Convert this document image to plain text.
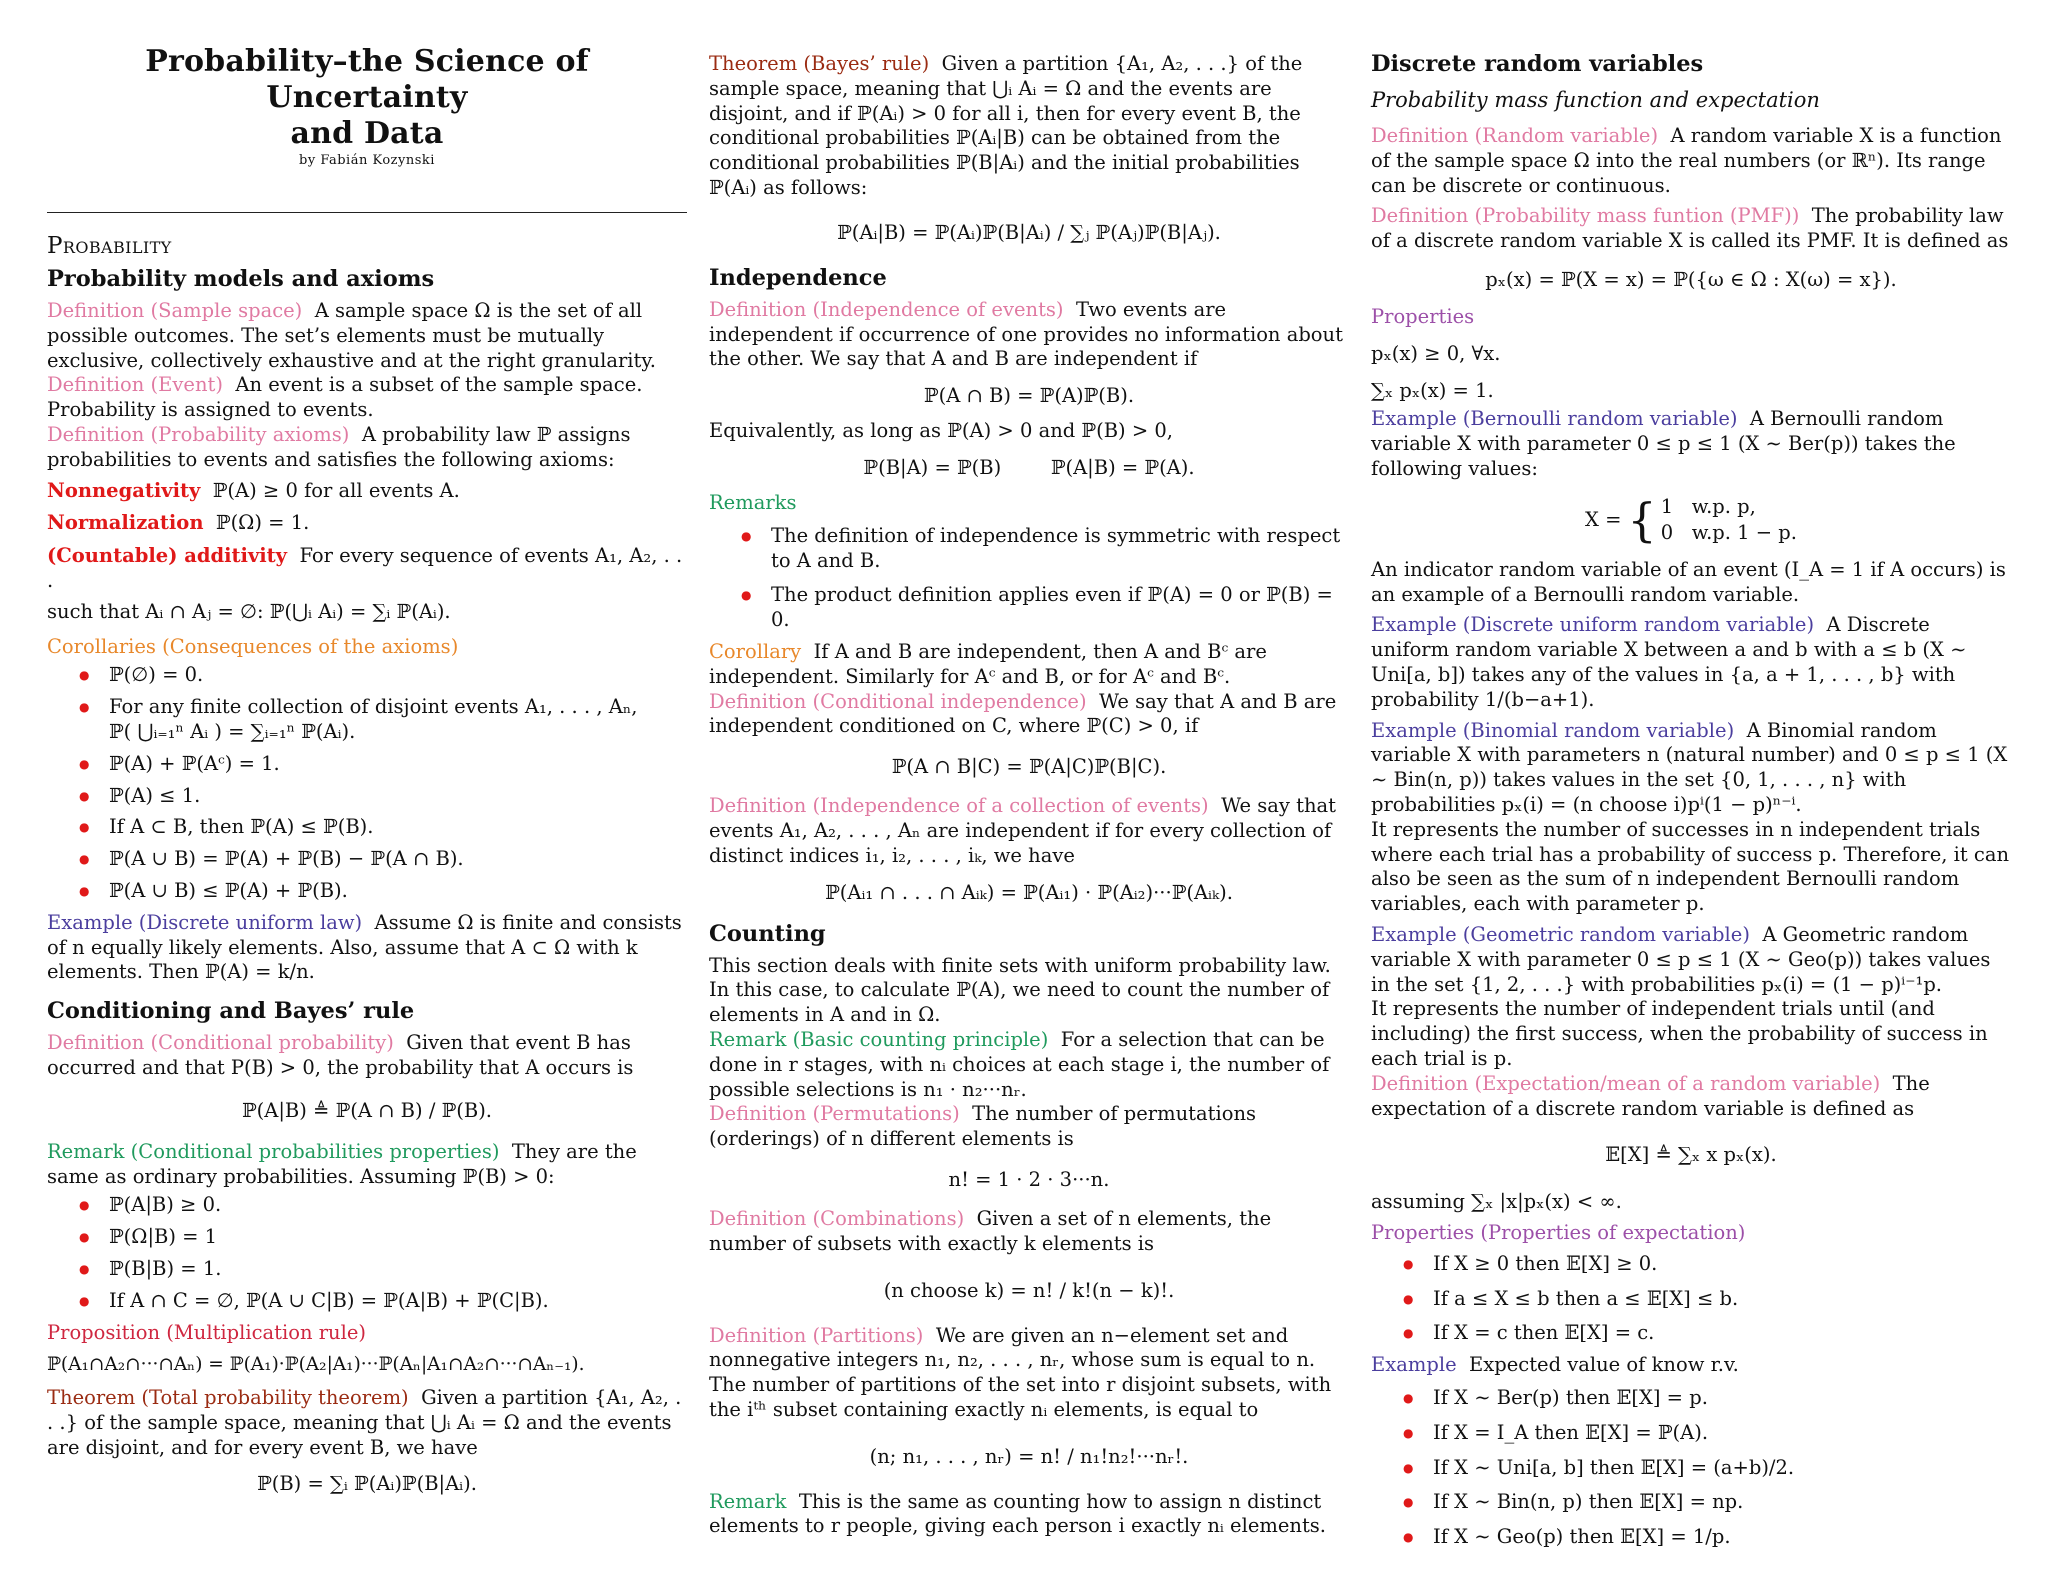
Probability–the Science of Uncertainty
and Data
by Fabián Kozynski
Probability
Probability models and axioms

Definition (Sample space) A sample space Ω is the set of all possible outcomes. The set’s elements must be mutually exclusive, collectively exhaustive and at the right granularity.

Definition (Event) An event is a subset of the sample space. Probability is assigned to events.

Definition (Probability axioms) A probability law ℙ assigns probabilities to events and satisfies the following axioms:

Nonnegativity ℙ(A) ≥ 0 for all events A.

Normalization ℙ(Ω) = 1.

(Countable) additivity For every sequence of events A₁, A₂, . . .

such that Aᵢ ∩ Aⱼ = ∅: ℙ(⋃ᵢ Aᵢ) = ∑ᵢ ℙ(Aᵢ).

Corollaries (Consequences of the axioms)

● ℙ(∅) = 0.
● For any finite collection of disjoint events A₁, . . . , Aₙ,
ℙ( ⋃ᵢ₌₁ⁿ Aᵢ ) = ∑ᵢ₌₁ⁿ ℙ(Aᵢ).
● ℙ(A) + ℙ(Aᶜ) = 1.
● ℙ(A) ≤ 1.
● If A ⊂ B, then ℙ(A) ≤ ℙ(B).
● ℙ(A ∪ B) = ℙ(A) + ℙ(B) − ℙ(A ∩ B).
● ℙ(A ∪ B) ≤ ℙ(A) + ℙ(B).

Example (Discrete uniform law) Assume Ω is finite and consists of n equally likely elements. Also, assume that A ⊂ Ω with k elements. Then ℙ(A) = k/n.

Conditioning and Bayes’ rule

Definition (Conditional probability) Given that event B has occurred and that P(B) > 0, the probability that A occurs is

ℙ(A|B) ≜ ℙ(A ∩ B) / ℙ(B).

Remark (Conditional probabilities properties) They are the same as ordinary probabilities. Assuming ℙ(B) > 0:

● ℙ(A|B) ≥ 0.
● ℙ(Ω|B) = 1
● ℙ(B|B) = 1.
● If A ∩ C = ∅, ℙ(A ∪ C|B) = ℙ(A|B) + ℙ(C|B).

Proposition (Multiplication rule)

ℙ(A₁∩A₂∩···∩Aₙ) = ℙ(A₁)·ℙ(A₂|A₁)···ℙ(Aₙ|A₁∩A₂∩···∩Aₙ₋₁).

Theorem (Total probability theorem) Given a partition {A₁, A₂, . . .} of the sample space, meaning that ⋃ᵢ Aᵢ = Ω and the events are disjoint, and for every event B, we have

ℙ(B) = ∑ᵢ ℙ(Aᵢ)ℙ(B|Aᵢ).

Theorem (Bayes’ rule) Given a partition {A₁, A₂, . . .} of the sample space, meaning that ⋃ᵢ Aᵢ = Ω and the events are disjoint, and if ℙ(Aᵢ) > 0 for all i, then for every event B, the conditional probabilities ℙ(Aᵢ|B) can be obtained from the conditional probabilities ℙ(B|Aᵢ) and the initial probabilities ℙ(Aᵢ) as follows:

ℙ(Aᵢ|B) = ℙ(Aᵢ)ℙ(B|Aᵢ) / ∑ⱼ ℙ(Aⱼ)ℙ(B|Aⱼ).
Independence

Definition (Independence of events) Two events are independent if occurrence of one provides no information about the other. We say that A and B are independent if

ℙ(A ∩ B) = ℙ(A)ℙ(B).

Equivalently, as long as ℙ(A) > 0 and ℙ(B) > 0,

ℙ(B|A) = ℙ(B)        ℙ(A|B) = ℙ(A).

Remarks

● The definition of independence is symmetric with respect to A and B.
● The product definition applies even if ℙ(A) = 0 or ℙ(B) = 0.

Corollary If A and B are independent, then A and Bᶜ are independent. Similarly for Aᶜ and B, or for Aᶜ and Bᶜ.

Definition (Conditional independence) We say that A and B are independent conditioned on C, where ℙ(C) > 0, if

ℙ(A ∩ B|C) = ℙ(A|C)ℙ(B|C).

Definition (Independence of a collection of events) We say that events A₁, A₂, . . . , Aₙ are independent if for every collection of distinct indices i₁, i₂, . . . , iₖ, we have

ℙ(Aᵢ₁ ∩ . . . ∩ Aᵢₖ) = ℙ(Aᵢ₁) · ℙ(Aᵢ₂)···ℙ(Aᵢₖ).
Counting

This section deals with finite sets with uniform probability law. In this case, to calculate ℙ(A), we need to count the number of elements in A and in Ω.

Remark (Basic counting principle) For a selection that can be done in r stages, with nᵢ choices at each stage i, the number of possible selections is n₁ · n₂···nᵣ.

Definition (Permutations) The number of permutations (orderings) of n different elements is

n! = 1 · 2 · 3···n.

Definition (Combinations) Given a set of n elements, the number of subsets with exactly k elements is

(n choose k) = n! / k!(n − k)!.

Definition (Partitions) We are given an n−element set and nonnegative integers n₁, n₂, . . . , nᵣ, whose sum is equal to n. The number of partitions of the set into r disjoint subsets, with the iᵗʰ subset containing exactly nᵢ elements, is equal to

(n; n₁, . . . , nᵣ) = n! / n₁!n₂!···nᵣ!.

Remark This is the same as counting how to assign n distinct elements to r people, giving each person i exactly nᵢ elements.

Discrete random variables
Probability mass function and expectation

Definition (Random variable) A random variable X is a function of the sample space Ω into the real numbers (or ℝⁿ). Its range can be discrete or continuous.

Definition (Probability mass funtion (PMF)) The probability law of a discrete random variable X is called its PMF. It is defined as

pₓ(x) = ℙ(X = x) = ℙ({ω ∈ Ω : X(ω) = x}).

Properties

pₓ(x) ≥ 0, ∀x.

∑ₓ pₓ(x) = 1.

Example (Bernoulli random variable) A Bernoulli random variable X with parameter 0 ≤ p ≤ 1 (X ∼ Ber(p)) takes the following values:

X = { 1   w.p. p,
0   w.p. 1 − p.

An indicator random variable of an event (I_A = 1 if A occurs) is an example of a Bernoulli random variable.

Example (Discrete uniform random variable) A Discrete uniform random variable X between a and b with a ≤ b (X ∼ Uni[a, b]) takes any of the values in {a, a + 1, . . . , b} with probability 1/(b−a+1).

Example (Binomial random variable) A Binomial random variable X with parameters n (natural number) and 0 ≤ p ≤ 1 (X ∼ Bin(n, p)) takes values in the set {0, 1, . . . , n} with probabilities pₓ(i) = (n choose i)pⁱ(1 − p)ⁿ⁻ⁱ.

It represents the number of successes in n independent trials where each trial has a probability of success p. Therefore, it can also be seen as the sum of n independent Bernoulli random variables, each with parameter p.

Example (Geometric random variable) A Geometric random variable X with parameter 0 ≤ p ≤ 1 (X ∼ Geo(p)) takes values in the set {1, 2, . . .} with probabilities pₓ(i) = (1 − p)ⁱ⁻¹p.

It represents the number of independent trials until (and including) the first success, when the probability of success in each trial is p.

Definition (Expectation/mean of a random variable) The expectation of a discrete random variable is defined as

𝔼[X] ≜ ∑ₓ x pₓ(x).

assuming ∑ₓ |x|pₓ(x) < ∞.

Properties (Properties of expectation)

● If X ≥ 0 then 𝔼[X] ≥ 0.
● If a ≤ X ≤ b then a ≤ 𝔼[X] ≤ b.
● If X = c then 𝔼[X] = c.

Example Expected value of know r.v.

● If X ∼ Ber(p) then 𝔼[X] = p.
● If X = I_A then 𝔼[X] = ℙ(A).
● If X ∼ Uni[a, b] then 𝔼[X] = (a+b)/2.
● If X ∼ Bin(n, p) then 𝔼[X] = np.
● If X ∼ Geo(p) then 𝔼[X] = 1/p.
